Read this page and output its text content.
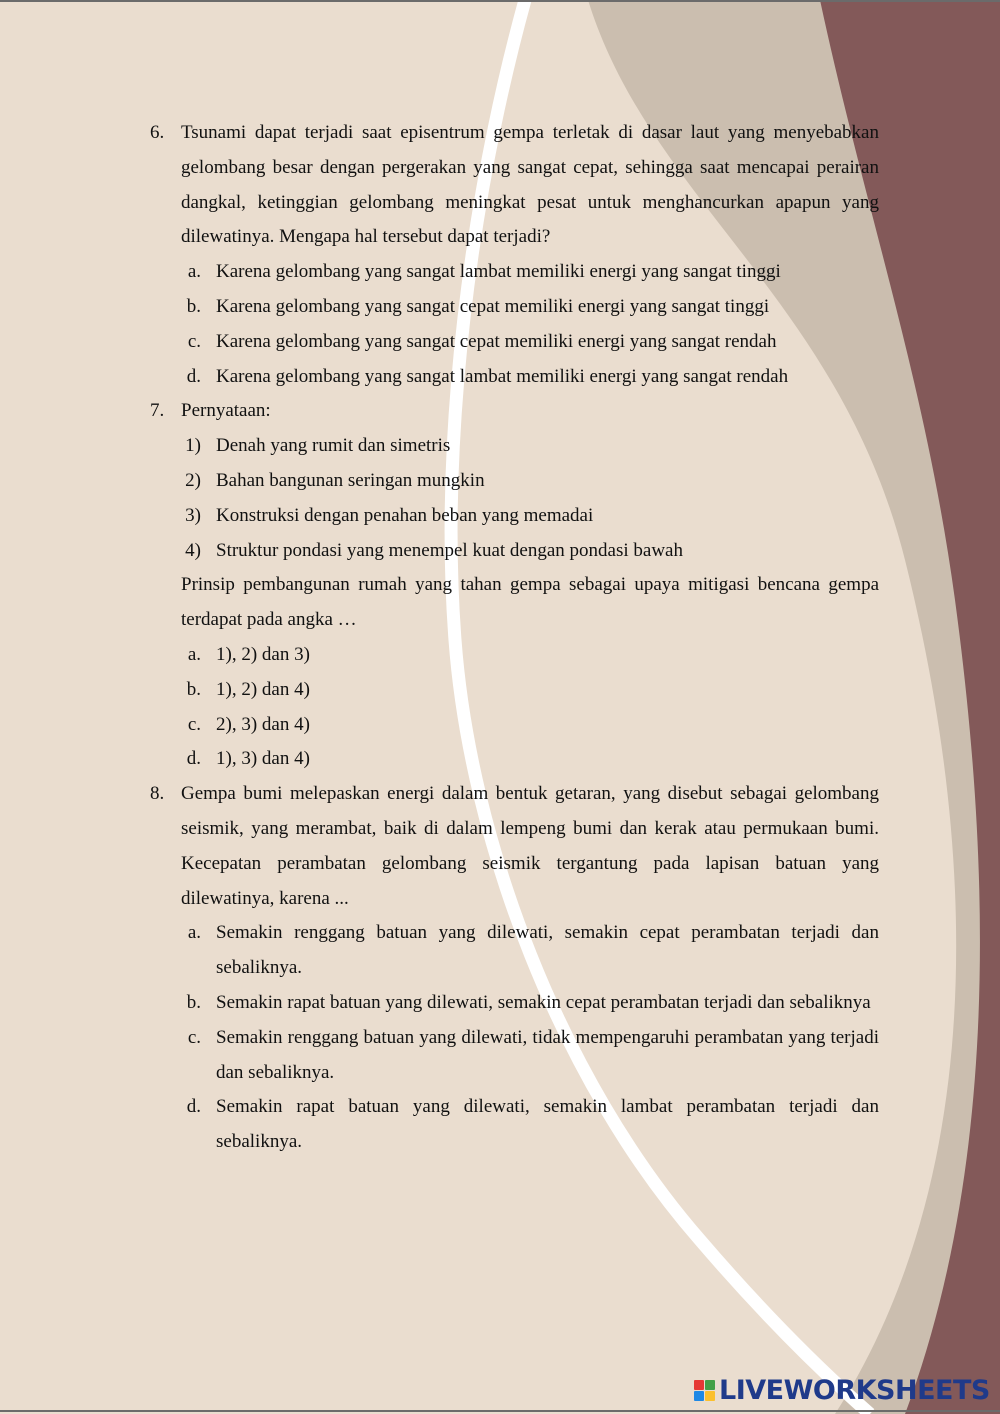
6. Tsunami dapat terjadi saat episentrum gempa terletak di dasar laut yang menyebabkan gelombang besar dengan pergerakan yang sangat cepat, sehingga saat mencapai perairan dangkal, ketinggian gelombang meningkat pesat untuk menghancurkan apapun yang dilewatinya. Mengapa hal tersebut dapat terjadi?
a. Karena gelombang yang sangat lambat memiliki energi yang sangat tinggi
b. Karena gelombang yang sangat cepat memiliki energi yang sangat tinggi
c. Karena gelombang yang sangat cepat memiliki energi yang sangat rendah
d. Karena gelombang yang sangat lambat memiliki energi yang sangat rendah
7. Pernyataan:
1) Denah yang rumit dan simetris
2) Bahan bangunan seringan mungkin
3) Konstruksi dengan penahan beban yang memadai
4) Struktur pondasi yang menempel kuat dengan pondasi bawah
Prinsip pembangunan rumah yang tahan gempa sebagai upaya mitigasi bencana gempa terdapat pada angka …
a. 1), 2) dan 3)
b. 1), 2) dan 4)
c. 2), 3) dan 4)
d. 1), 3) dan 4)
8. Gempa bumi melepaskan energi dalam bentuk getaran, yang disebut sebagai gelombang seismik, yang merambat, baik di dalam lempeng bumi dan kerak atau permukaan bumi. Kecepatan perambatan gelombang seismik tergantung pada lapisan batuan yang dilewatinya, karena ...
a. Semakin renggang batuan yang dilewati, semakin cepat perambatan terjadi dan sebaliknya.
b. Semakin rapat batuan yang dilewati, semakin cepat perambatan terjadi dan sebaliknya
c. Semakin renggang batuan yang dilewati, tidak mempengaruhi perambatan yang terjadi dan sebaliknya.
d. Semakin rapat batuan yang dilewati, semakin lambat perambatan terjadi dan sebaliknya.
LIVEWORKSHEETS
